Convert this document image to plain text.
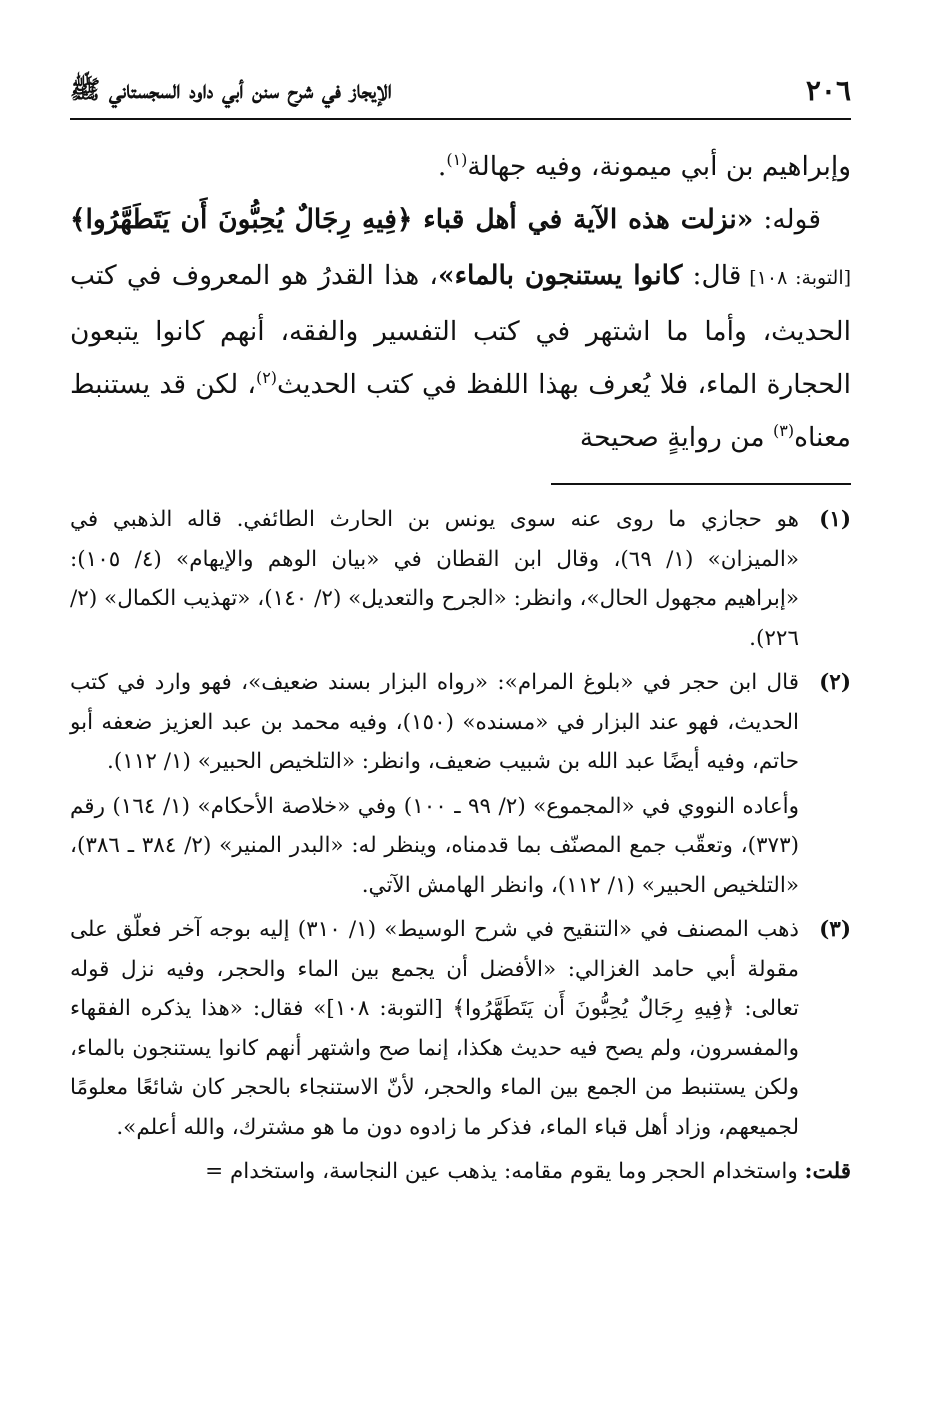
٢٠٦
الإيجاز في شرح سنن أبي داود السجستاني ﷺ

وإبراهيم بن أبي ميمونة، وفيه جهالة$^{(١)}$.

قوله: «نزلت هذه الآية في أهل قباء ﴿فِيهِ رِجَالٌ يُحِبُّونَ أَن يَتَطَهَّرُوا﴾ [التوبة: ١٠٨] قال: كانوا يستنجون بالماء»، هذا القدرُ هو المعروف في كتب الحديث، وأما ما اشتهر في كتب التفسير والفقه، أنهم كانوا يتبعون الحجارة الماء، فلا يُعرف بهذا اللفظ في كتب الحديث$^{(٢)}$، لكن قد يستنبط معناه$^{(٣)}$ من روايةٍ صحيحة

(١)
هو حجازي ما روى عنه سوى يونس بن الحارث الطائفي. قاله الذهبي في «الميزان» (١/ ٦٩)، وقال ابن القطان في «بيان الوهم والإيهام» (٤/ ١٠٥): «إبراهيم مجهول الحال»، وانظر: «الجرح والتعديل» (٢/ ١٤٠)، «تهذيب الكمال» (٢/ ٢٢٦).
(٢)
قال ابن حجر في «بلوغ المرام»: «رواه البزار بسند ضعيف»، فهو وارد في كتب الحديث، فهو عند البزار في «مسنده» (١٥٠)، وفيه محمد بن عبد العزيز ضعفه أبو حاتم، وفيه أيضًا عبد الله بن شبيب ضعيف، وانظر: «التلخيص الحبير» (١/ ١١٢).
وأعاده النووي في «المجموع» (٢/ ٩٩ ـ ١٠٠) وفي «خلاصة الأحكام» (١/ ١٦٤) رقم (٣٧٣)، وتعقّب جمع المصنّف بما قدمناه، وينظر له: «البدر المنير» (٢/ ٣٨٤ ـ ٣٨٦)، «التلخيص الحبير» (١/ ١١٢)، وانظر الهامش الآتي.
(٣)
ذهب المصنف في «التنقيح في شرح الوسيط» (١/ ٣١٠) إليه بوجه آخر فعلّق على مقولة أبي حامد الغزالي: «الأفضل أن يجمع بين الماء والحجر، وفيه نزل قوله تعالى: ﴿فِيهِ رِجَالٌ يُحِبُّونَ أَن يَتَطَهَّرُوا﴾ [التوبة: ١٠٨]» فقال: «هذا يذكره الفقهاء والمفسرون، ولم يصح فيه حديث هكذا، إنما صح واشتهر أنهم كانوا يستنجون بالماء، ولكن يستنبط من الجمع بين الماء والحجر، لأنّ الاستنجاء بالحجر كان شائعًا معلومًا لجميعهم، وزاد أهل قباء الماء، فذكر ما زادوه دون ما هو مشترك، والله أعلم».

قلت: واستخدام الحجر وما يقوم مقامه: يذهب عين النجاسة، واستخدام =
